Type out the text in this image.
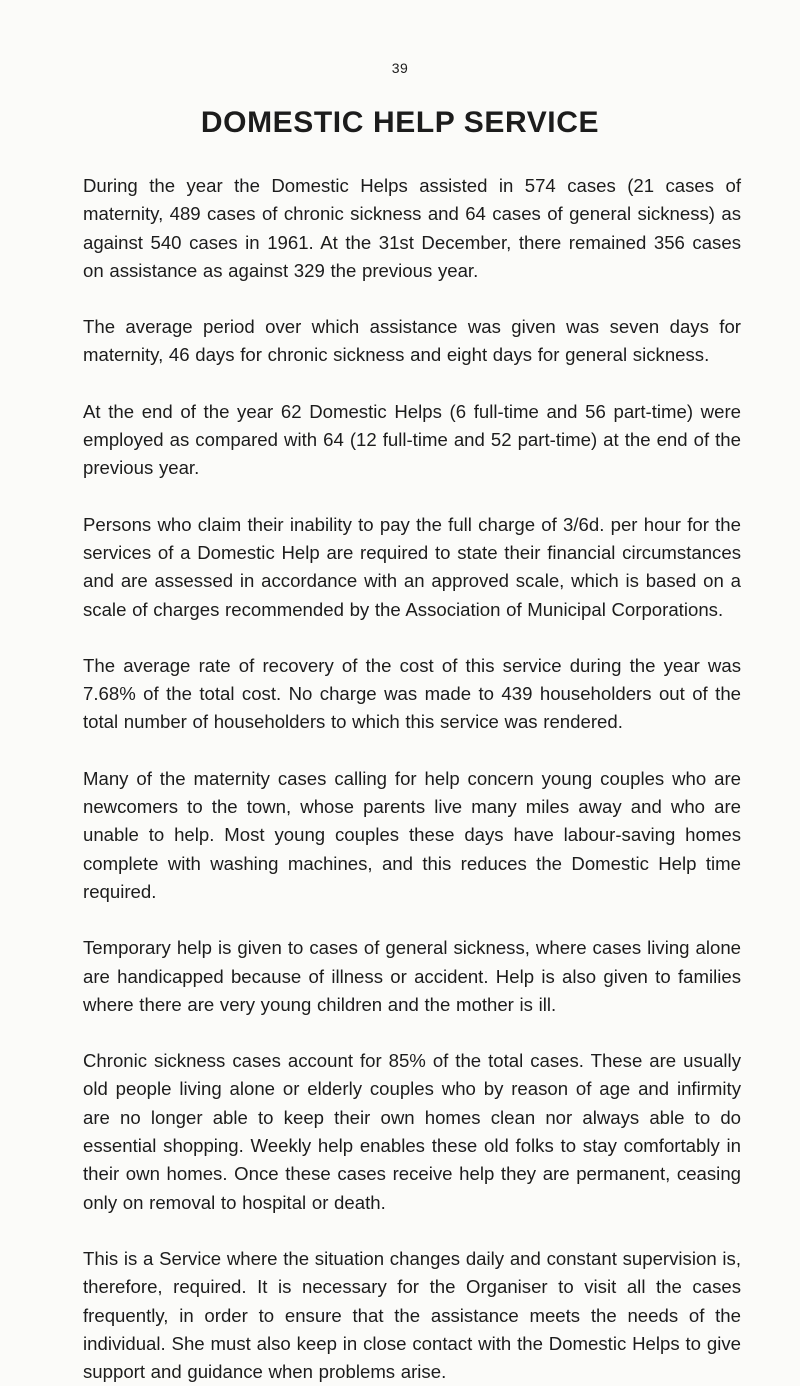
39
DOMESTIC HELP SERVICE

During the year the Domestic Helps assisted in 574 cases (21 cases of maternity, 489 cases of chronic sickness and 64 cases of general sickness) as against 540 cases in 1961. At the 31st December, there remained 356 cases on assistance as against 329 the previous year.

The average period over which assistance was given was seven days for maternity, 46 days for chronic sickness and eight days for general sickness.

At the end of the year 62 Domestic Helps (6 full-time and 56 part-time) were employed as compared with 64 (12 full-time and 52 part-time) at the end of the previous year.

Persons who claim their inability to pay the full charge of 3/6d. per hour for the services of a Domestic Help are required to state their financial circumstances and are assessed in accordance with an approved scale, which is based on a scale of charges recommended by the Association of Municipal Corporations.

The average rate of recovery of the cost of this service during the year was 7.68% of the total cost. No charge was made to 439 householders out of the total number of householders to which this service was rendered.

Many of the maternity cases calling for help concern young couples who are newcomers to the town, whose parents live many miles away and who are unable to help. Most young couples these days have labour-saving homes complete with washing machines, and this reduces the Domestic Help time required.

Temporary help is given to cases of general sickness, where cases living alone are handicapped because of illness or accident. Help is also given to families where there are very young children and the mother is ill.

Chronic sickness cases account for 85% of the total cases. These are usually old people living alone or elderly couples who by reason of age and infirmity are no longer able to keep their own homes clean nor always able to do essential shopping. Weekly help enables these old folks to stay comfortably in their own homes. Once these cases receive help they are permanent, ceasing only on removal to hospital or death.

This is a Service where the situation changes daily and constant supervision is, therefore, required. It is necessary for the Organiser to visit all the cases frequently, in order to ensure that the assistance meets the needs of the individual. She must also keep in close contact with the Domestic Helps to give support and guidance when problems arise.
